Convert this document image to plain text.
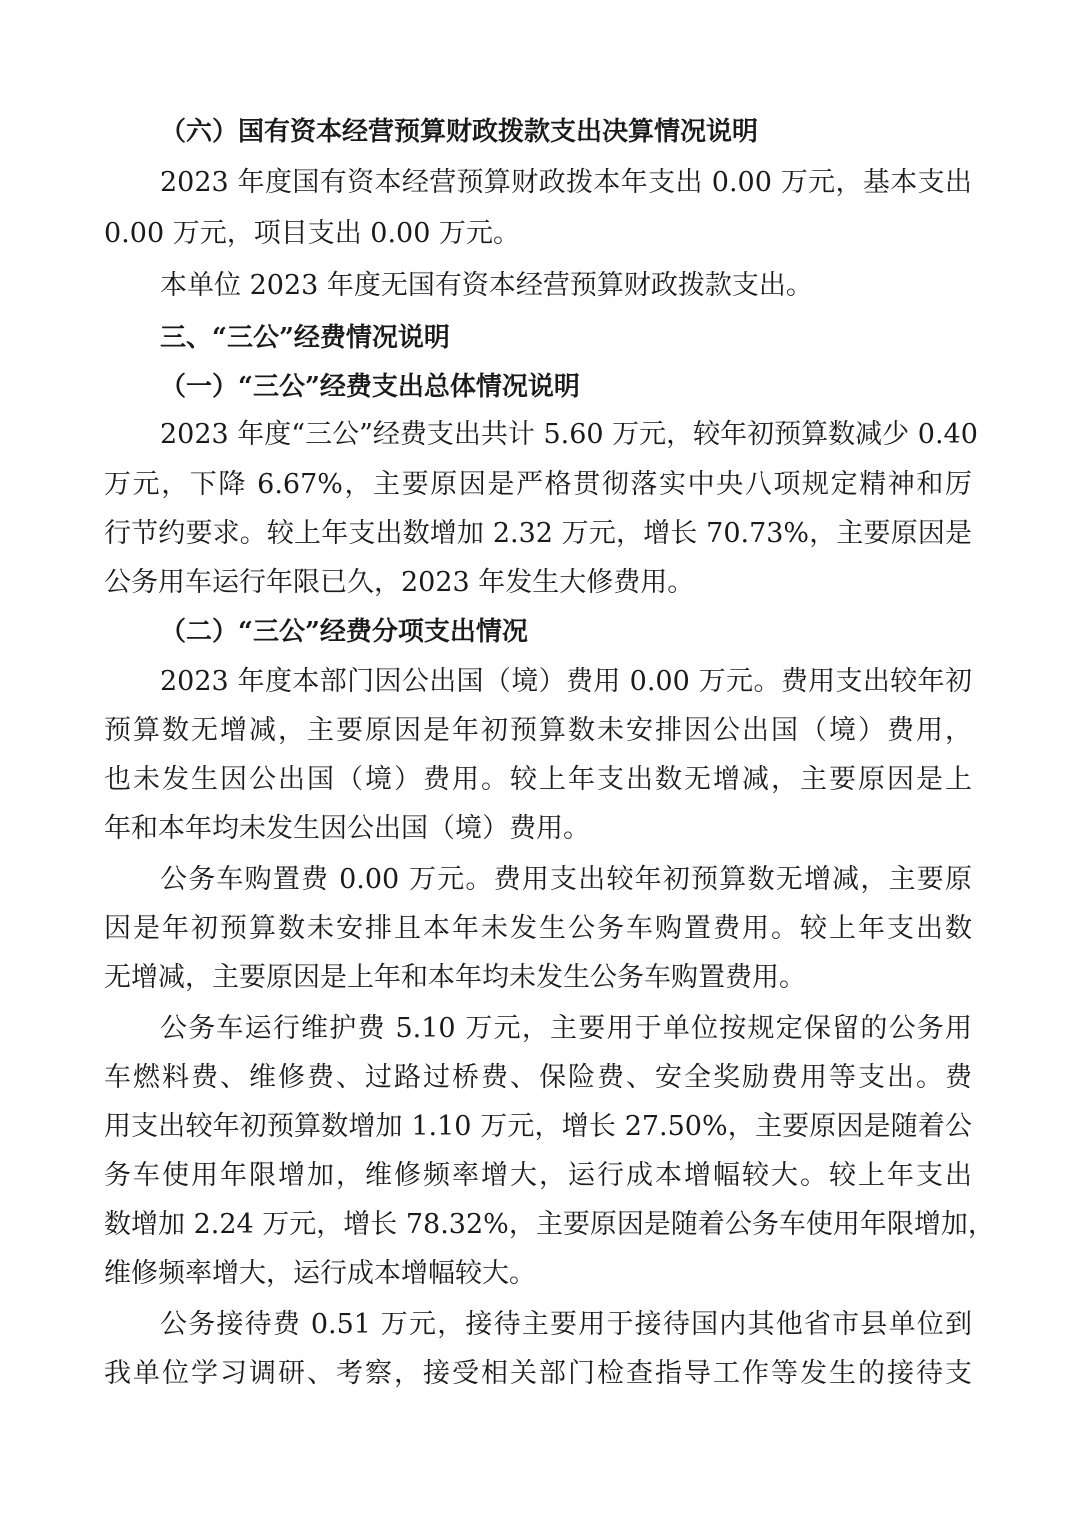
（六）国有资本经营预算财政拨款支出决算情况说明
2023 年度国有资本经营预算财政拨本年支出 0.00 万元，基本支出
0.00 万元，项目支出 0.00 万元。
本单位 2023 年度无国有资本经营预算财政拨款支出。
三、“三公”经费情况说明
（一）“三公”经费支出总体情况说明
2023 年度“三公”经费支出共计 5.60 万元，较年初预算数减少 0.40
万元，下降 6.67%，主要原因是严格贯彻落实中央八项规定精神和厉
行节约要求。较上年支出数增加 2.32 万元，增长 70.73%，主要原因是
公务用车运行年限已久，2023 年发生大修费用。
（二）“三公”经费分项支出情况
2023 年度本部门因公出国（境）费用 0.00 万元。费用支出较年初
预算数无增减，主要原因是年初预算数未安排因公出国（境）费用，
也未发生因公出国（境）费用。较上年支出数无增减，主要原因是上
年和本年均未发生因公出国（境）费用。
公务车购置费 0.00 万元。费用支出较年初预算数无增减，主要原
因是年初预算数未安排且本年未发生公务车购置费用。较上年支出数
无增减，主要原因是上年和本年均未发生公务车购置费用。
公务车运行维护费 5.10 万元，主要用于单位按规定保留的公务用
车燃料费、维修费、过路过桥费、保险费、安全奖励费用等支出。费
用支出较年初预算数增加 1.10 万元，增长 27.50%，主要原因是随着公
务车使用年限增加，维修频率增大，运行成本增幅较大。较上年支出
数增加 2.24 万元，增长 78.32%，主要原因是随着公务车使用年限增加，
维修频率增大，运行成本增幅较大。
公务接待费 0.51 万元，接待主要用于接待国内其他省市县单位到
我单位学习调研、考察，接受相关部门检查指导工作等发生的接待支
